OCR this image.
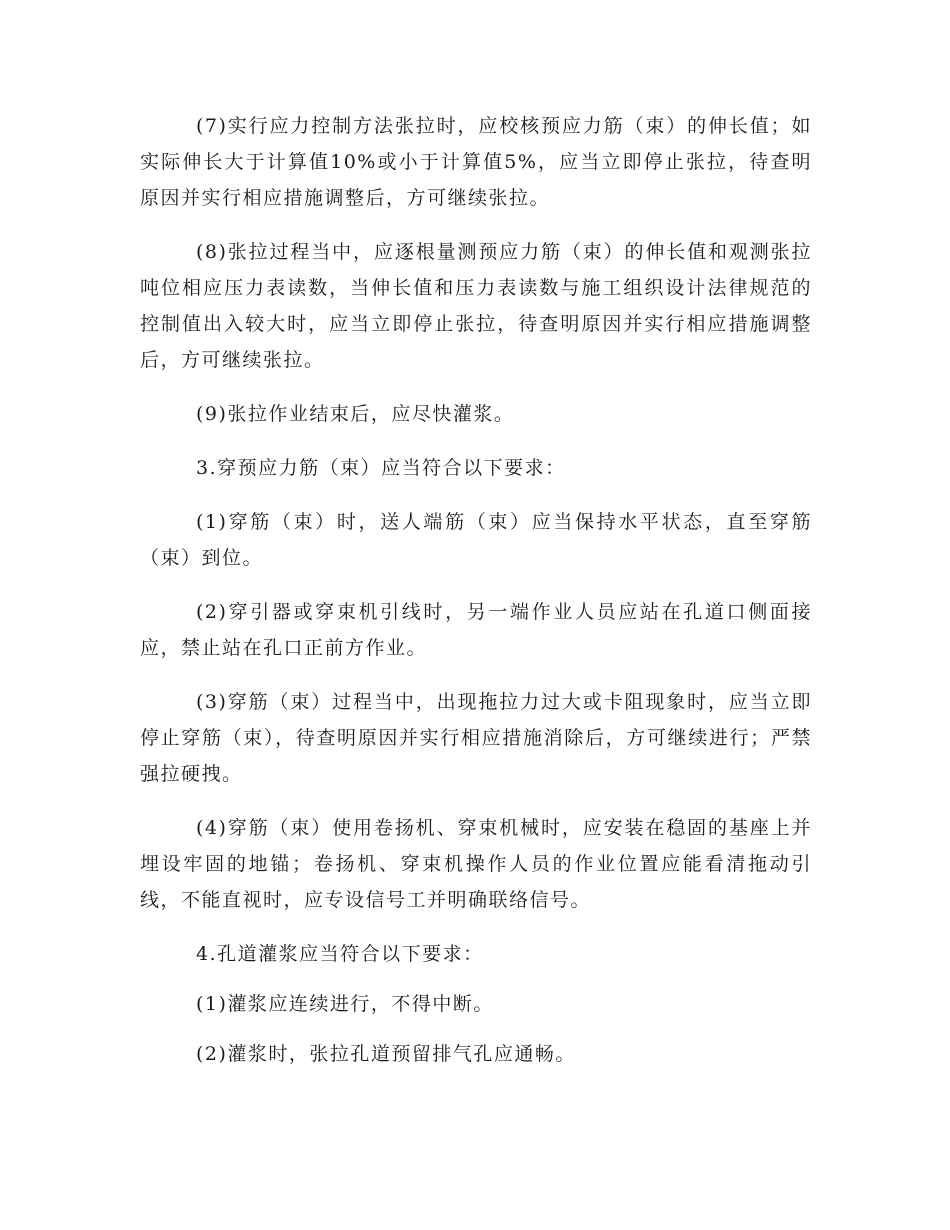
(7)实行应力控制方法张拉时，应校核预应力筋（束）的伸长值；如实际伸长大于计算值10%或小于计算值5%，应当立即停止张拉，待查明原因并实行相应措施调整后，方可继续张拉。

(8)张拉过程当中，应逐根量测预应力筋（束）的伸长值和观测张拉吨位相应压力表读数，当伸长值和压力表读数与施工组织设计法律规范的控制值出入较大时，应当立即停止张拉，待查明原因并实行相应措施调整后，方可继续张拉。

(9)张拉作业结束后，应尽快灌浆。

3.穿预应力筋（束）应当符合以下要求：

(1)穿筋（束）时，送人端筋（束）应当保持水平状态，直至穿筋（束）到位。

(2)穿引器或穿束机引线时，另一端作业人员应站在孔道口侧面接应，禁止站在孔口正前方作业。

(3)穿筋（束）过程当中，出现拖拉力过大或卡阻现象时，应当立即停止穿筋（束），待查明原因并实行相应措施消除后，方可继续进行；严禁强拉硬拽。

(4)穿筋（束）使用卷扬机、穿束机械时，应安装在稳固的基座上并埋设牢固的地锚；卷扬机、穿束机操作人员的作业位置应能看清拖动引线，不能直视时，应专设信号工并明确联络信号。

4.孔道灌浆应当符合以下要求：

(1)灌浆应连续进行，不得中断。

(2)灌浆时，张拉孔道预留排气孔应通畅。
